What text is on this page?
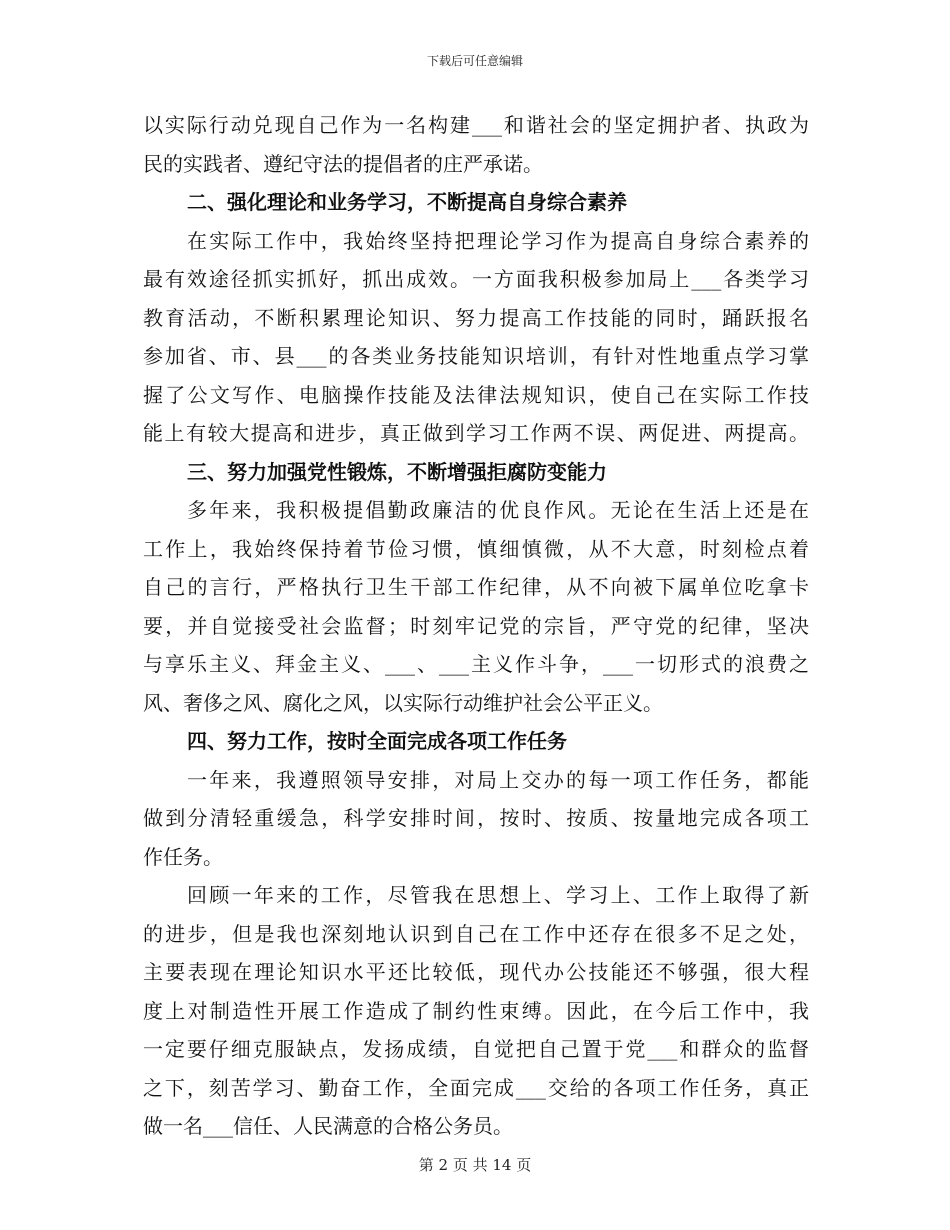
下载后可任意编辑
以实际行动兑现自己作为一名构建___和谐社会的坚定拥护者、执政为
民的实践者、遵纪守法的提倡者的庄严承诺。
二、强化理论和业务学习，不断提高自身综合素养
在实际工作中，我始终坚持把理论学习作为提高自身综合素养的
最有效途径抓实抓好，抓出成效。一方面我积极参加局上___各类学习
教育活动，不断积累理论知识、努力提高工作技能的同时，踊跃报名
参加省、市、县___的各类业务技能知识培训，有针对性地重点学习掌
握了公文写作、电脑操作技能及法律法规知识，使自己在实际工作技
能上有较大提高和进步，真正做到学习工作两不误、两促进、两提高。
三、努力加强党性锻炼，不断增强拒腐防变能力
多年来，我积极提倡勤政廉洁的优良作风。无论在生活上还是在
工作上，我始终保持着节俭习惯，慎细慎微，从不大意，时刻检点着
自己的言行，严格执行卫生干部工作纪律，从不向被下属单位吃拿卡
要，并自觉接受社会监督；时刻牢记党的宗旨，严守党的纪律，坚决
与享乐主义、拜金主义、___、___主义作斗争，___一切形式的浪费之
风、奢侈之风、腐化之风，以实际行动维护社会公平正义。
四、努力工作，按时全面完成各项工作任务
一年来，我遵照领导安排，对局上交办的每一项工作任务，都能
做到分清轻重缓急，科学安排时间，按时、按质、按量地完成各项工
作任务。
回顾一年来的工作，尽管我在思想上、学习上、工作上取得了新
的进步，但是我也深刻地认识到自己在工作中还存在很多不足之处，
主要表现在理论知识水平还比较低，现代办公技能还不够强，很大程
度上对制造性开展工作造成了制约性束缚。因此，在今后工作中，我
一定要仔细克服缺点，发扬成绩，自觉把自己置于党___和群众的监督
之下，刻苦学习、勤奋工作，全面完成___交给的各项工作任务，真正
做一名___信任、人民满意的合格公务员。
第 2 页 共 14 页
